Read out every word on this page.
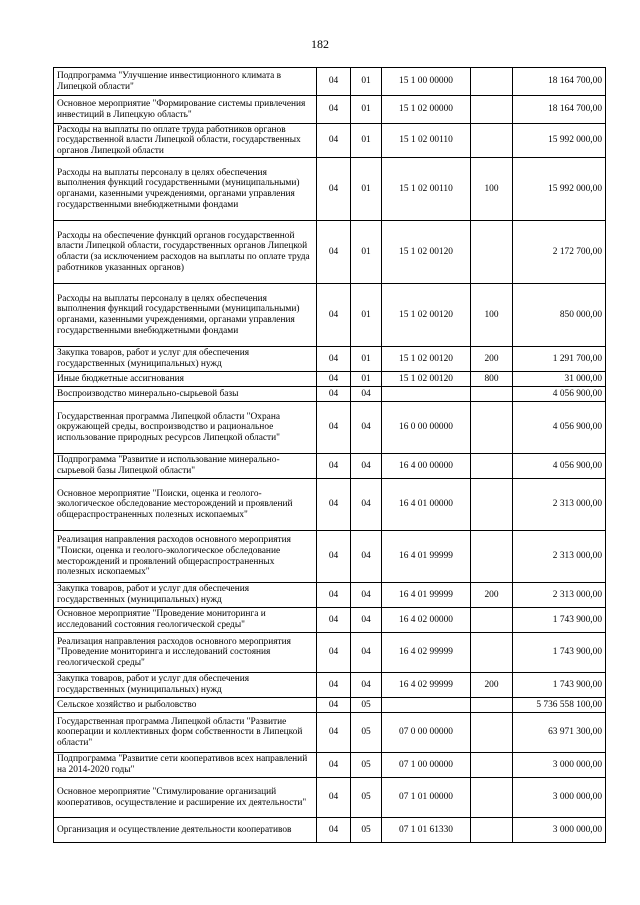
182
Подпрограмма "Улучшение инвестиционного климата в Липецкой области"	04	01	15 1 00 00000		18 164 700,00
Основное мероприятие "Формирование системы привлечения инвестиций в Липецкую область"	04	01	15 1 02 00000		18 164 700,00
Расходы на выплаты по оплате труда работников органов государственной власти Липецкой области, государственных органов Липецкой области	04	01	15 1 02 00110		15 992 000,00
Расходы на выплаты персоналу в целях обеспечения выполнения функций государственными (муниципальными) органами, казенными учреждениями, органами управления государственными внебюджетными фондами	04	01	15 1 02 00110	100	15 992 000,00
Расходы на обеспечение функций органов государственной власти Липецкой области, государственных органов Липецкой области (за исключением расходов на выплаты по оплате труда работников указанных органов)	04	01	15 1 02 00120		2 172 700,00
Расходы на выплаты персоналу в целях обеспечения выполнения функций государственными (муниципальными) органами, казенными учреждениями, органами управления государственными внебюджетными фондами	04	01	15 1 02 00120	100	850 000,00
Закупка товаров, работ и услуг для обеспечения государственных (муниципальных) нужд	04	01	15 1 02 00120	200	1 291 700,00
Иные бюджетные ассигнования	04	01	15 1 02 00120	800	31 000,00
Воспроизводство минерально-сырьевой базы	04	04			4 056 900,00
Государственная программа Липецкой области "Охрана окружающей среды, воспроизводство и рациональное использование природных ресурсов Липецкой области"	04	04	16 0 00 00000		4 056 900,00
Подпрограмма "Развитие и использование минерально-сырьевой базы Липецкой области"	04	04	16 4 00 00000		4 056 900,00
Основное мероприятие "Поиски, оценка и геолого-экологическое обследование месторождений и проявлений общераспространенных полезных ископаемых"	04	04	16 4 01 00000		2 313 000,00
Реализация направления расходов основного мероприятия "Поиски, оценка и геолого-экологическое обследование месторождений и проявлений общераспространенных полезных ископаемых"	04	04	16 4 01 99999		2 313 000,00
Закупка товаров, работ и услуг для обеспечения государственных (муниципальных) нужд	04	04	16 4 01 99999	200	2 313 000,00
Основное мероприятие "Проведение мониторинга и исследований состояния геологической среды"	04	04	16 4 02 00000		1 743 900,00
Реализация направления расходов основного мероприятия "Проведение мониторинга и исследований состояния геологической среды"	04	04	16 4 02 99999		1 743 900,00
Закупка товаров, работ и услуг для обеспечения государственных (муниципальных) нужд	04	04	16 4 02 99999	200	1 743 900,00
Сельское хозяйство и рыболовство	04	05			5 736 558 100,00
Государственная программа Липецкой области "Развитие кооперации и коллективных форм собственности в Липецкой области"	04	05	07 0 00 00000		63 971 300,00
Подпрограмма "Развитие сети кооперативов всех направлений на 2014-2020 годы"	04	05	07 1 00 00000		3 000 000,00
Основное мероприятие "Стимулирование организаций кооперативов, осуществление и расширение их деятельности"	04	05	07 1 01 00000		3 000 000,00
Организация и осуществление деятельности кооперативов	04	05	07 1 01 61330		3 000 000,00
